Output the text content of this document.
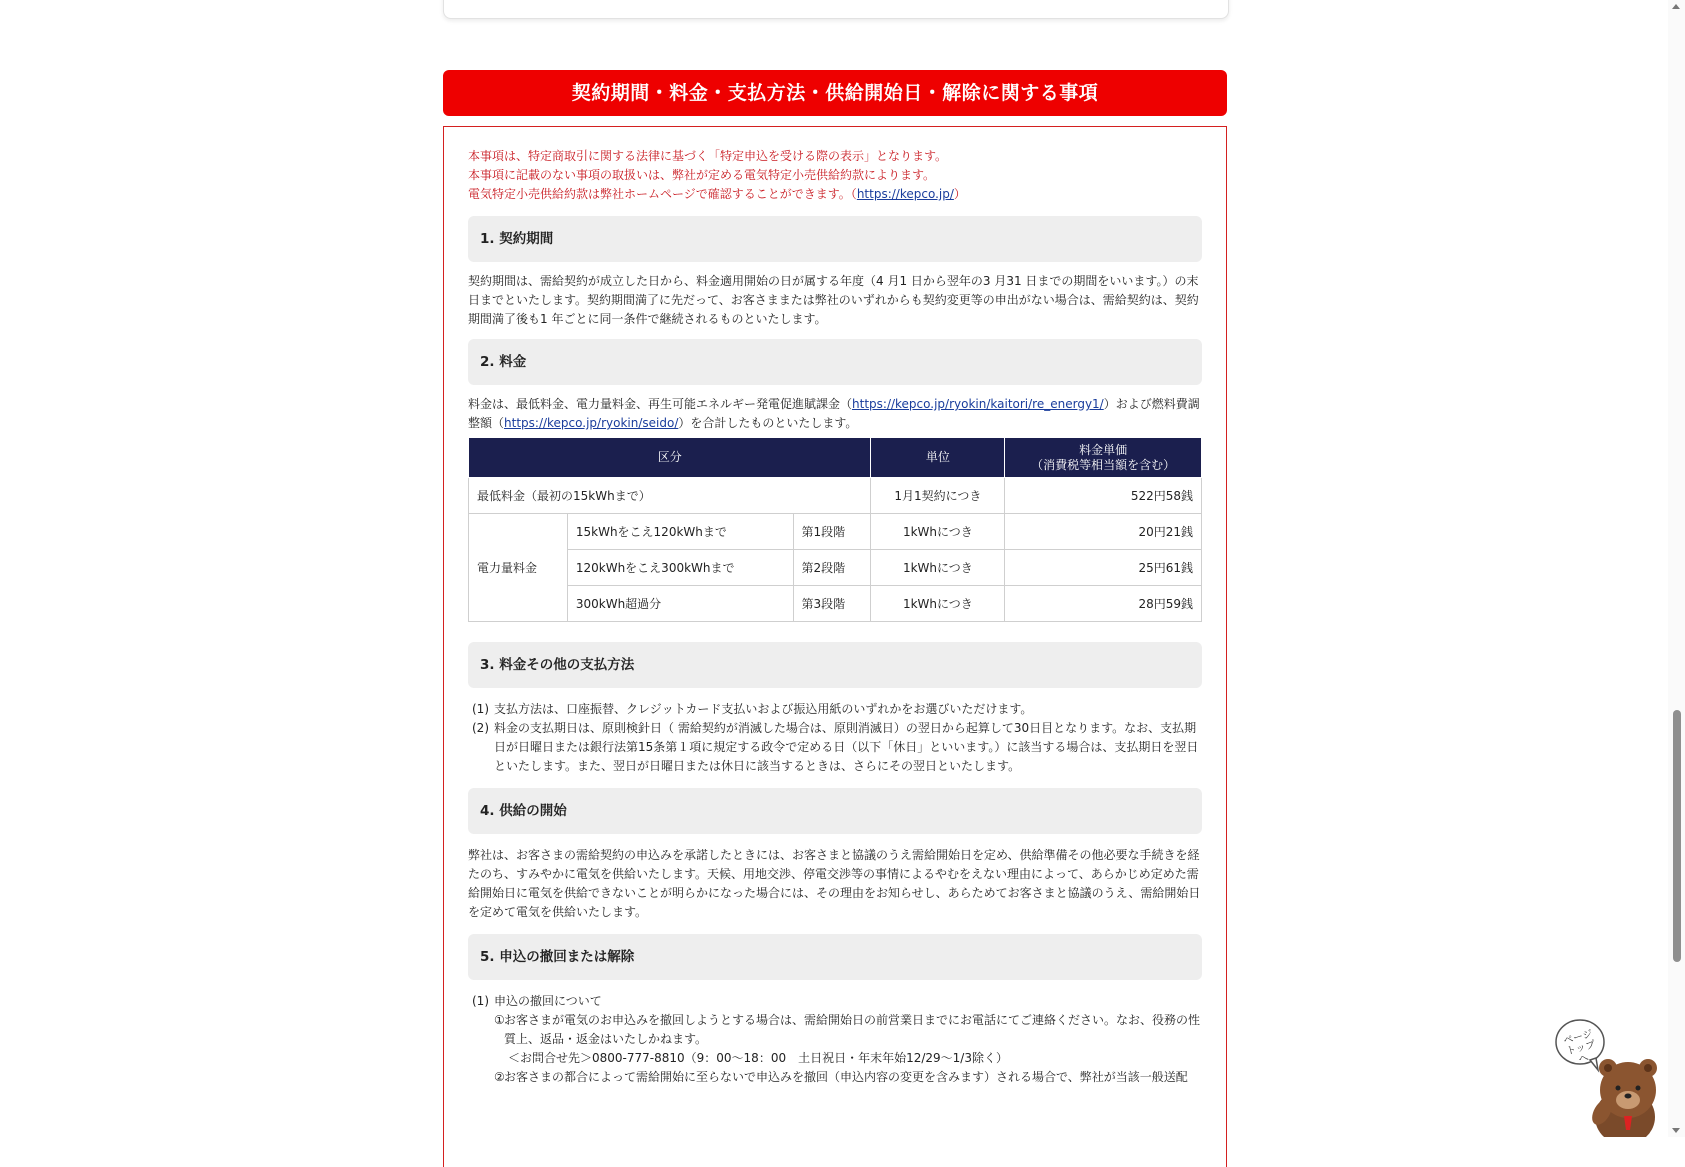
契約期間・料金・支払方法・供給開始日・解除に関する事項

本事項は、特定商取引に関する法律に基づく「特定申込を受ける際の表示」となります。
本事項に記載のない事項の取扱いは、弊社が定める電気特定小売供給約款によります。
電気特定小売供給約款は弊社ホームページで確認することができます。（https://kepco.jp/）

1. 契約期間

契約期間は、需給契約が成立した日から、料金適用開始の日が属する年度（4 月1 日から翌年の3 月31 日までの期間をいいます。）の末日までといたします。契約期間満了に先だって、お客さままたは弊社のいずれからも契約変更等の申出がない場合は、需給契約は、契約期間満了後も1 年ごとに同一条件で継続されるものといたします。

2. 料金

料金は、最低料金、電力量料金、再生可能エネルギー発電促進賦課金（https://kepco.jp/ryokin/kaitori/re_energy1/）および燃料費調整額（https://kepco.jp/ryokin/seido/）を合計したものといたします。

区分			単位	料金単価
（消費税等相当額を含む）
最低料金（最初の15kWhまで）			1月1契約につき	522円58銭
電力量料金	15kWhをこえ120kWhまで	第1段階	1kWhにつき	20円21銭
	120kWhをこえ300kWhまで	第2段階	1kWhにつき	25円61銭
	300kWh超過分	第3段階	1kWhにつき	28円59銭
3. 料金その他の支払方法
(1) 支払方法は、口座振替、クレジットカード支払いおよび振込用紙のいずれかをお選びいただけます。
(2) 料金の支払期日は、原則検針日（ 需給契約が消滅した場合は、原則消滅日）の翌日から起算して30日目となります。なお、支払期日が日曜日または銀行法第15条第１項に規定する政令で定める日（以下「休日」といいます。）に該当する場合は、支払期日を翌日といたします。また、翌日が日曜日または休日に該当するときは、さらにその翌日といたします。
4. 供給の開始

弊社は、お客さまの需給契約の申込みを承諾したときには、お客さまと協議のうえ需給開始日を定め、供給準備その他必要な手続きを経たのち、すみやかに電気を供給いたします。天候、用地交渉、停電交渉等の事情によるやむをえない理由によって、あらかじめ定めた需給開始日に電気を供給できないことが明らかになった場合には、その理由をお知らせし、あらためてお客さまと協議のうえ、需給開始日を定めて電気を供給いたします。

5. 申込の撤回または解除
(1) 申込の撤回について
① お客さまが電気のお申込みを撤回しようとする場合は、需給開始日の前営業日までにお電話にてご連絡ください。なお、役務の性質上、返品・返金はいたしかねます。
＜お問合せ先＞0800-777-8810（9：00～18：00　土日祝日・年末年始12/29～1/3除く）
② お客さまの都合によって需給開始に至らないで申込みを撤回（申込内容の変更を含みます）される場合で、弊社が当該一般送配
ページトップへ
